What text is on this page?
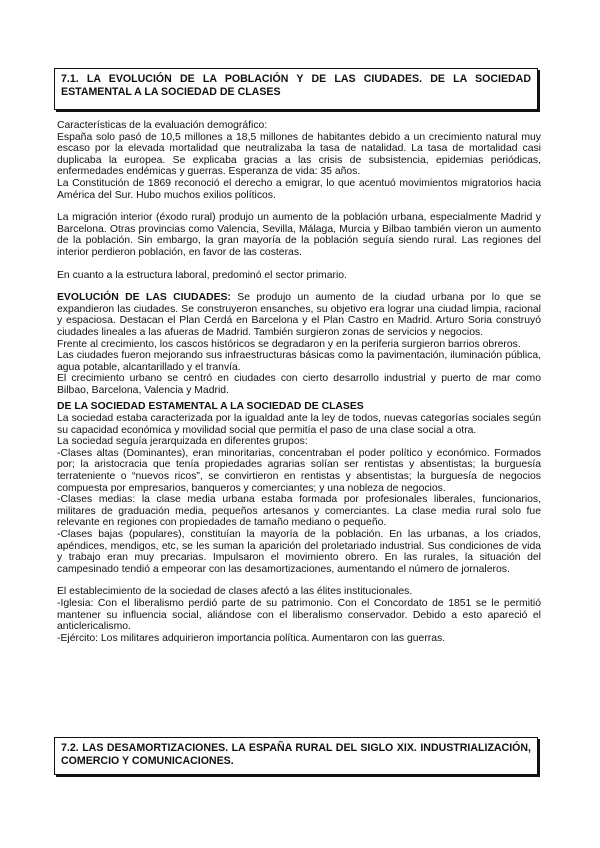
7.1. LA EVOLUCIÓN DE LA POBLACIÓN Y DE LAS CIUDADES. DE LA SOCIEDAD ESTAMENTAL A LA SOCIEDAD DE CLASES

Características de la evaluación demográfico:

España solo pasó de 10,5 millones a 18,5 millones de habitantes debido a un crecimiento natural muy escaso por la elevada mortalidad que neutralizaba la tasa de natalidad. La tasa de mortalidad casi duplicaba la europea. Se explicaba gracias a las crisis de subsistencia, epidemias periódicas, enfermedades endémicas y guerras. Esperanza de vida: 35 años.

La Constitución de 1869 reconoció el derecho a emigrar, lo que acentuó movimientos migratorios hacia América del Sur. Hubo muchos exilios políticos.

La migración interior (éxodo rural) produjo un aumento de la población urbana, especialmente Madrid y Barcelona. Otras provincias como Valencia, Sevilla, Málaga, Murcia y Bilbao también vieron un aumento de la población. Sin embargo, la gran mayoría de la población seguía siendo rural. Las regiones del interior perdieron población, en favor de las costeras.

En cuanto a la estructura laboral, predominó el sector primario.

EVOLUCIÓN DE LAS CIUDADES: Se produjo un aumento de la ciudad urbana por lo que se expandieron las ciudades. Se construyeron ensanches, su objetivo era lograr una ciudad limpia, racional y espaciosa. Destacan el Plan Cerdá en Barcelona y el Plan Castro en Madrid. Arturo Soria construyó ciudades lineales a las afueras de Madrid. También surgieron zonas de servicios y negocios.

Frente al crecimiento, los cascos históricos se degradaron y en la periferia surgieron barrios obreros.

Las ciudades fueron mejorando sus infraestructuras básicas como la pavimentación, iluminación pública, agua potable, alcantarillado y el tranvía.

El crecimiento urbano se centró en ciudades con cierto desarrollo industrial y puerto de mar como Bilbao, Barcelona, Valencia y Madrid.

DE LA SOCIEDAD ESTAMENTAL A LA SOCIEDAD DE CLASES

La sociedad estaba caracterizada por la igualdad ante la ley de todos, nuevas categorías sociales según su capacidad económica y movilidad social que permitía el paso de una clase social a otra.

La sociedad seguía jerarquizada en diferentes grupos:

-Clases altas (Dominantes), eran minoritarias, concentraban el poder político y económico. Formados por; la aristocracia que tenía propiedades agrarias solían ser rentistas y absentistas; la burguesía terrateniente o “nuevos ricos”, se convirtieron en rentistas y absentistas; la burguesía de negocios compuesta por empresarios, banqueros y comerciantes; y una nobleza de negocios.

-Clases medias: la clase media urbana estaba formada por profesionales liberales, funcionarios, militares de graduación media, pequeños artesanos y comerciantes. La clase media rural solo fue relevante en regiones con propiedades de tamaño mediano o pequeño.

-Clases bajas (populares), constituían la mayoría de la población. En las urbanas, a los criados, apéndices, mendigos, etc, se les suman la aparición del proletariado industrial. Sus condiciones de vida y trabajo eran muy precarias. Impulsaron el movimiento obrero. En las rurales, la situación del campesinado tendió a empeorar con las desamortizaciones, aumentando el número de jornaleros.

El establecimiento de la sociedad de clases afectó a las élites institucionales.

-Iglesia: Con el liberalismo perdió parte de su patrimonio. Con el Concordato de 1851 se le permitió mantener su influencia social, aliándose con el liberalismo conservador. Debido a esto apareció el anticlericalismo.

-Ejército: Los militares adquirieron importancia política. Aumentaron con las guerras.

7.2. LAS DESAMORTIZACIONES. LA ESPAÑA RURAL DEL SIGLO XIX. INDUSTRIALIZACIÓN, COMERCIO Y COMUNICACIONES.
